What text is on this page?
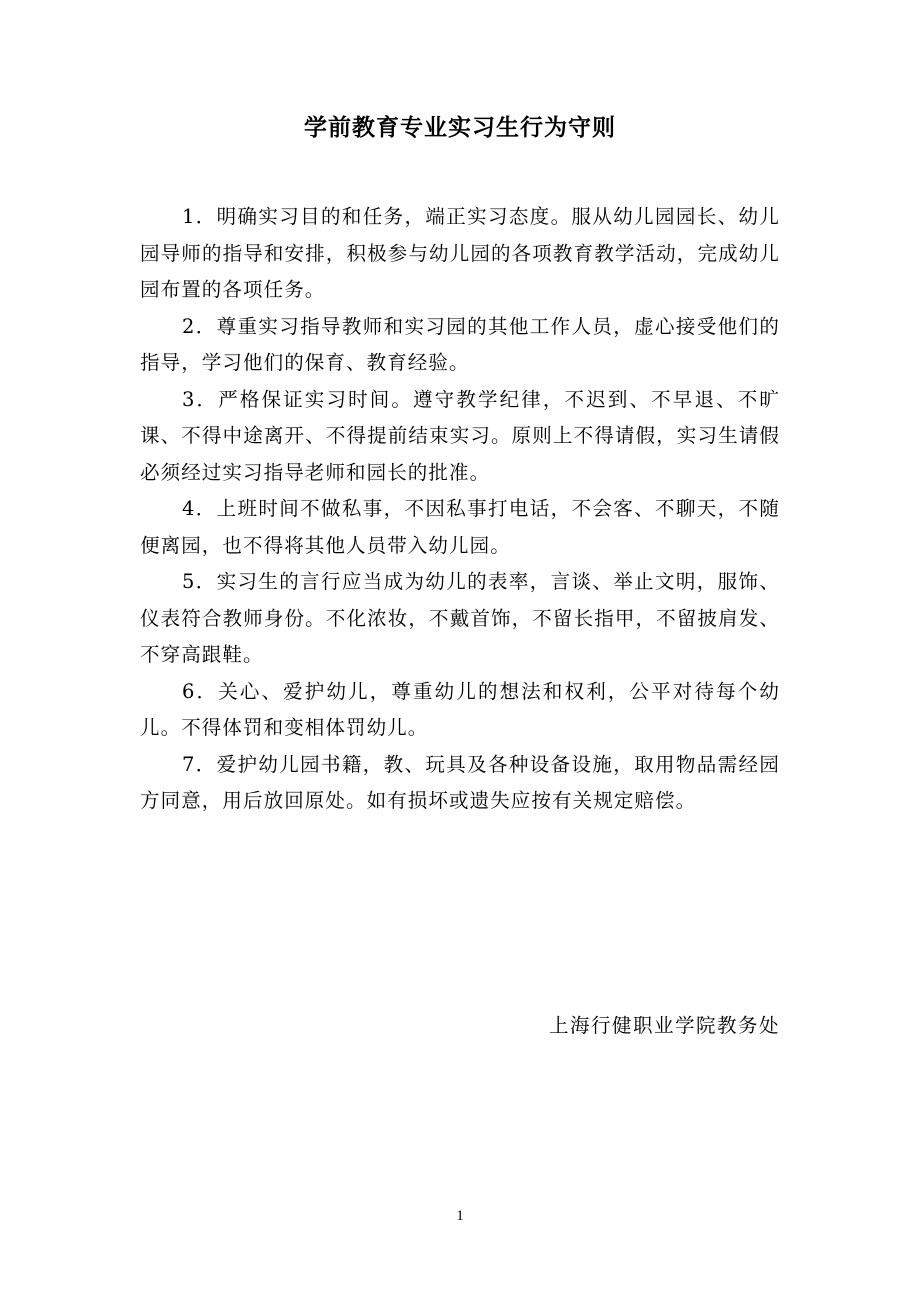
学前教育专业实习生行为守则

1．明确实习目的和任务，端正实习态度。服从幼儿园园长、幼儿园导师的指导和安排，积极参与幼儿园的各项教育教学活动，完成幼儿园布置的各项任务。

2．尊重实习指导教师和实习园的其他工作人员，虚心接受他们的指导，学习他们的保育、教育经验。

3．严格保证实习时间。遵守教学纪律，不迟到、不早退、不旷课、不得中途离开、不得提前结束实习。原则上不得请假，实习生请假必须经过实习指导老师和园长的批准。

4．上班时间不做私事，不因私事打电话，不会客、不聊天，不随便离园，也不得将其他人员带入幼儿园。

5．实习生的言行应当成为幼儿的表率，言谈、举止文明，服饰、仪表符合教师身份。不化浓妆，不戴首饰，不留长指甲，不留披肩发、不穿高跟鞋。

6．关心、爱护幼儿，尊重幼儿的想法和权利，公平对待每个幼儿。不得体罚和变相体罚幼儿。

7．爱护幼儿园书籍，教、玩具及各种设备设施，取用物品需经园方同意，用后放回原处。如有损坏或遗失应按有关规定赔偿。

上海行健职业学院教务处
1
